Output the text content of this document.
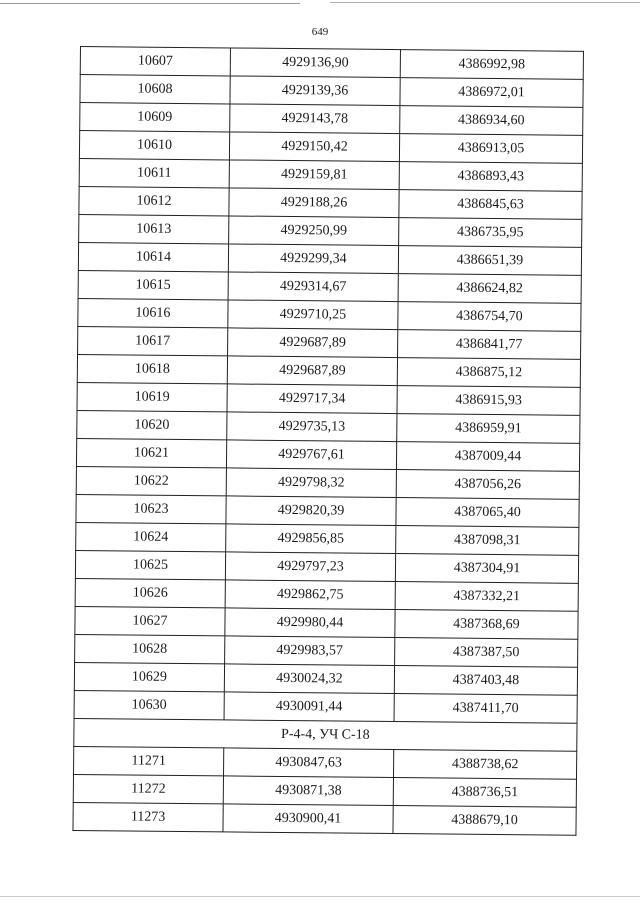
649
10607	4929136,90	4386992,98
10608	4929139,36	4386972,01
10609	4929143,78	4386934,60
10610	4929150,42	4386913,05
10611	4929159,81	4386893,43
10612	4929188,26	4386845,63
10613	4929250,99	4386735,95
10614	4929299,34	4386651,39
10615	4929314,67	4386624,82
10616	4929710,25	4386754,70
10617	4929687,89	4386841,77
10618	4929687,89	4386875,12
10619	4929717,34	4386915,93
10620	4929735,13	4386959,91
10621	4929767,61	4387009,44
10622	4929798,32	4387056,26
10623	4929820,39	4387065,40
10624	4929856,85	4387098,31
10625	4929797,23	4387304,91
10626	4929862,75	4387332,21
10627	4929980,44	4387368,69
10628	4929983,57	4387387,50
10629	4930024,32	4387403,48
10630	4930091,44	4387411,70
Р-4-4, УЧ С-18		
11271	4930847,63	4388738,62
11272	4930871,38	4388736,51
11273	4930900,41	4388679,10
